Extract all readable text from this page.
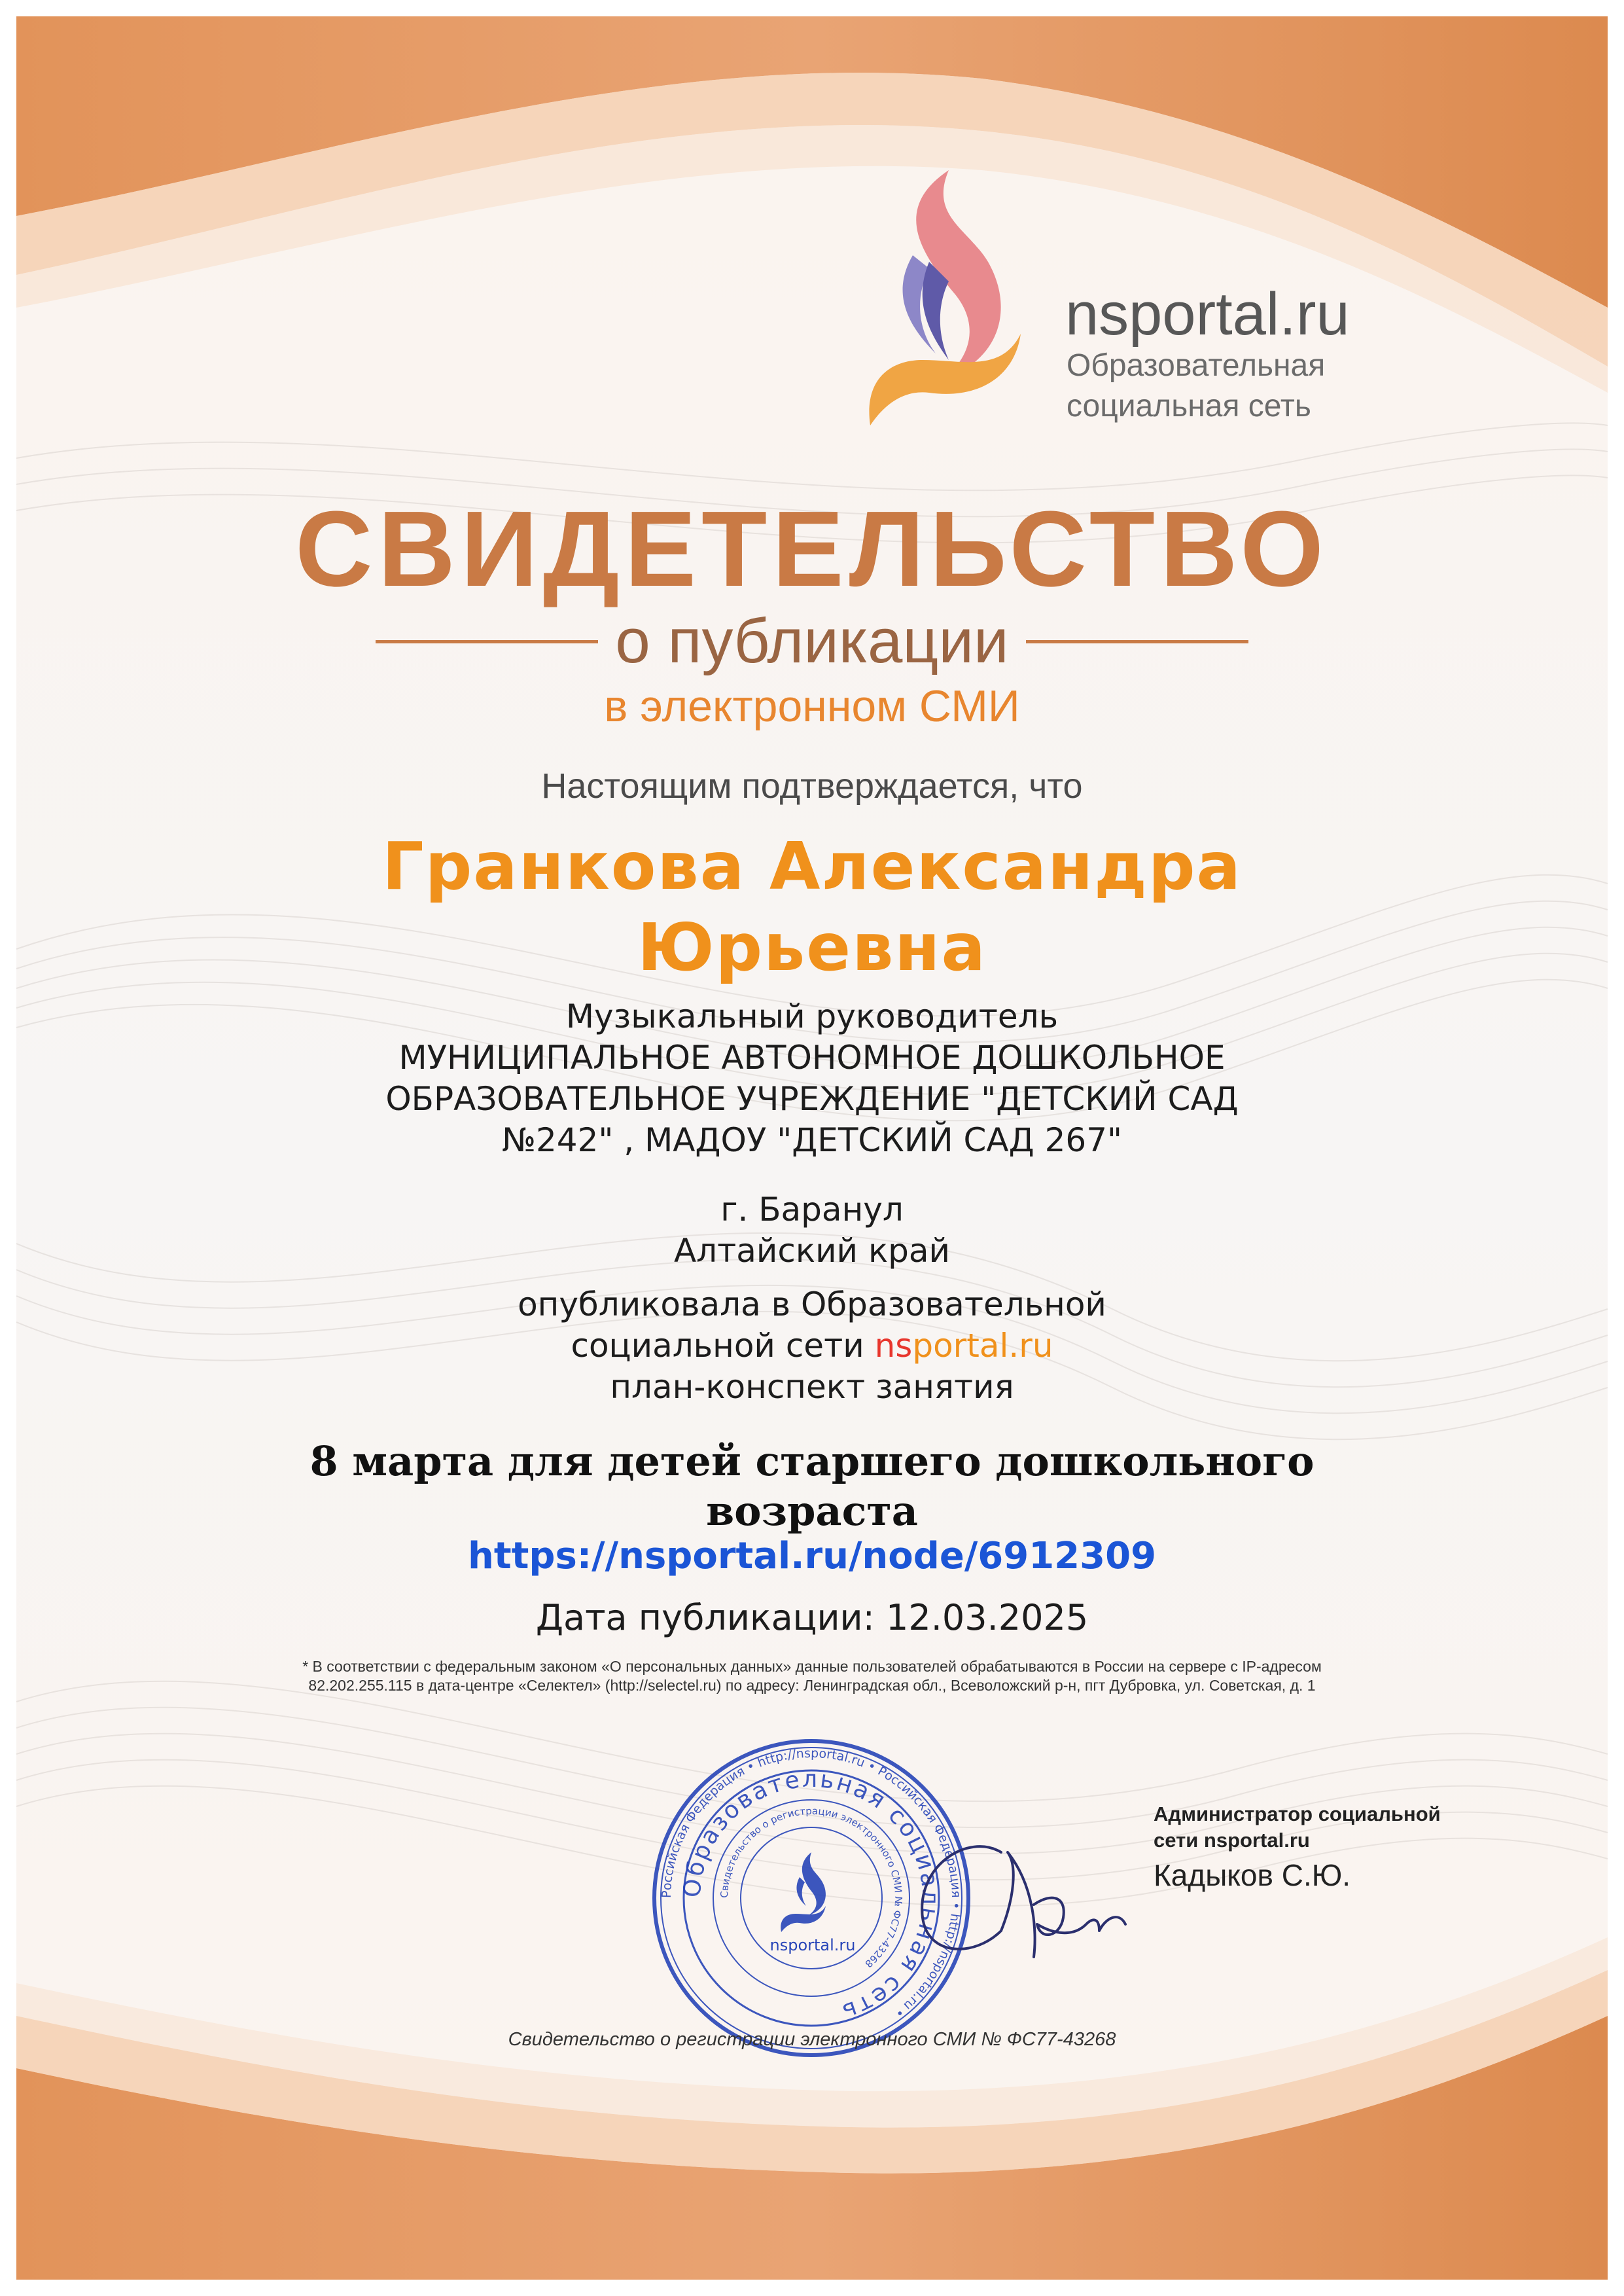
nsportal.ru
Образовательная
социальная сеть
СВИДЕТЕЛЬСТВО
о публикации
в электронном СМИ
Настоящим подтверждается, что
Гранкова Александра
Юрьевна
Музыкальный руководитель
МУНИЦИПАЛЬНОЕ АВТОНОМНОЕ ДОШКОЛЬНОЕ
ОБРАЗОВАТЕЛЬНОЕ УЧРЕЖДЕНИЕ "ДЕТСКИЙ САД
№242" , МАДОУ "ДЕТСКИЙ САД 267"
г. Баранул
Алтайский край
опубликовала в Образовательной
социальной сети nsportal.ru
план-конспект занятия
8 марта для детей старшего дошкольного
возраста
https://nsportal.ru/node/6912309
Дата публикации: 12.03.2025
* В соответствии с федеральным законом «О персональных данных» данные пользователей обрабатываются в России на сервере с IP-адресом
82.202.255.115 в дата-центре «Селектел» (http://selectel.ru) по адресу: Ленинградская обл., Всеволожский р-н, пгт Дубровка, ул. Советская, д. 1
Российская Федерация • http://nsportal.ru • Российская Федерация • http://nsportal.ru •
Образовательная социальная сеть
Свидетельство о регистрации электронного СМИ № ФС77-43268
nsportal.ru
Администратор социальной
сети nsportal.ru
Кадыков С.Ю.
Свидетельство о регистрации электронного СМИ № ФС77-43268
